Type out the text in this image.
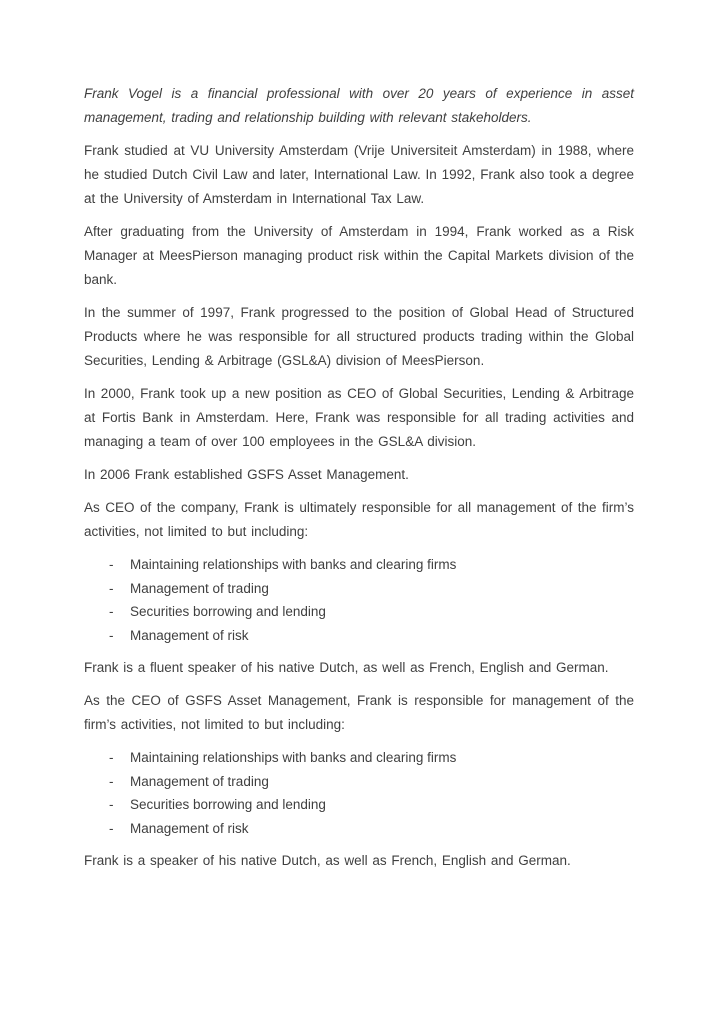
Frank Vogel is a financial professional with over 20 years of experience in asset management, trading and relationship building with relevant stakeholders.

Frank studied at VU University Amsterdam (Vrije Universiteit Amsterdam) in 1988, where he studied Dutch Civil Law and later, International Law. In 1992, Frank also took a degree at the University of Amsterdam in International Tax Law.

After graduating from the University of Amsterdam in 1994, Frank worked as a Risk Manager at MeesPierson managing product risk within the Capital Markets division of the bank.

In the summer of 1997, Frank progressed to the position of Global Head of Structured Products where he was responsible for all structured products trading within the Global Securities, Lending & Arbitrage (GSL&A) division of MeesPierson.

In 2000, Frank took up a new position as CEO of Global Securities, Lending & Arbitrage at Fortis Bank in Amsterdam. Here, Frank was responsible for all trading activities and managing a team of over 100 employees in the GSL&A division.

In 2006 Frank established GSFS Asset Management.

As CEO of the company, Frank is ultimately responsible for all management of the firm’s activities, not limited to but including:

- Maintaining relationships with banks and clearing firms
- Management of trading
- Securities borrowing and lending
- Management of risk

Frank is a fluent speaker of his native Dutch, as well as French, English and German.

As the CEO of GSFS Asset Management, Frank is responsible for management of the firm’s activities, not limited to but including:

- Maintaining relationships with banks and clearing firms
- Management of trading
- Securities borrowing and lending
- Management of risk

Frank is a speaker of his native Dutch, as well as French, English and German.
